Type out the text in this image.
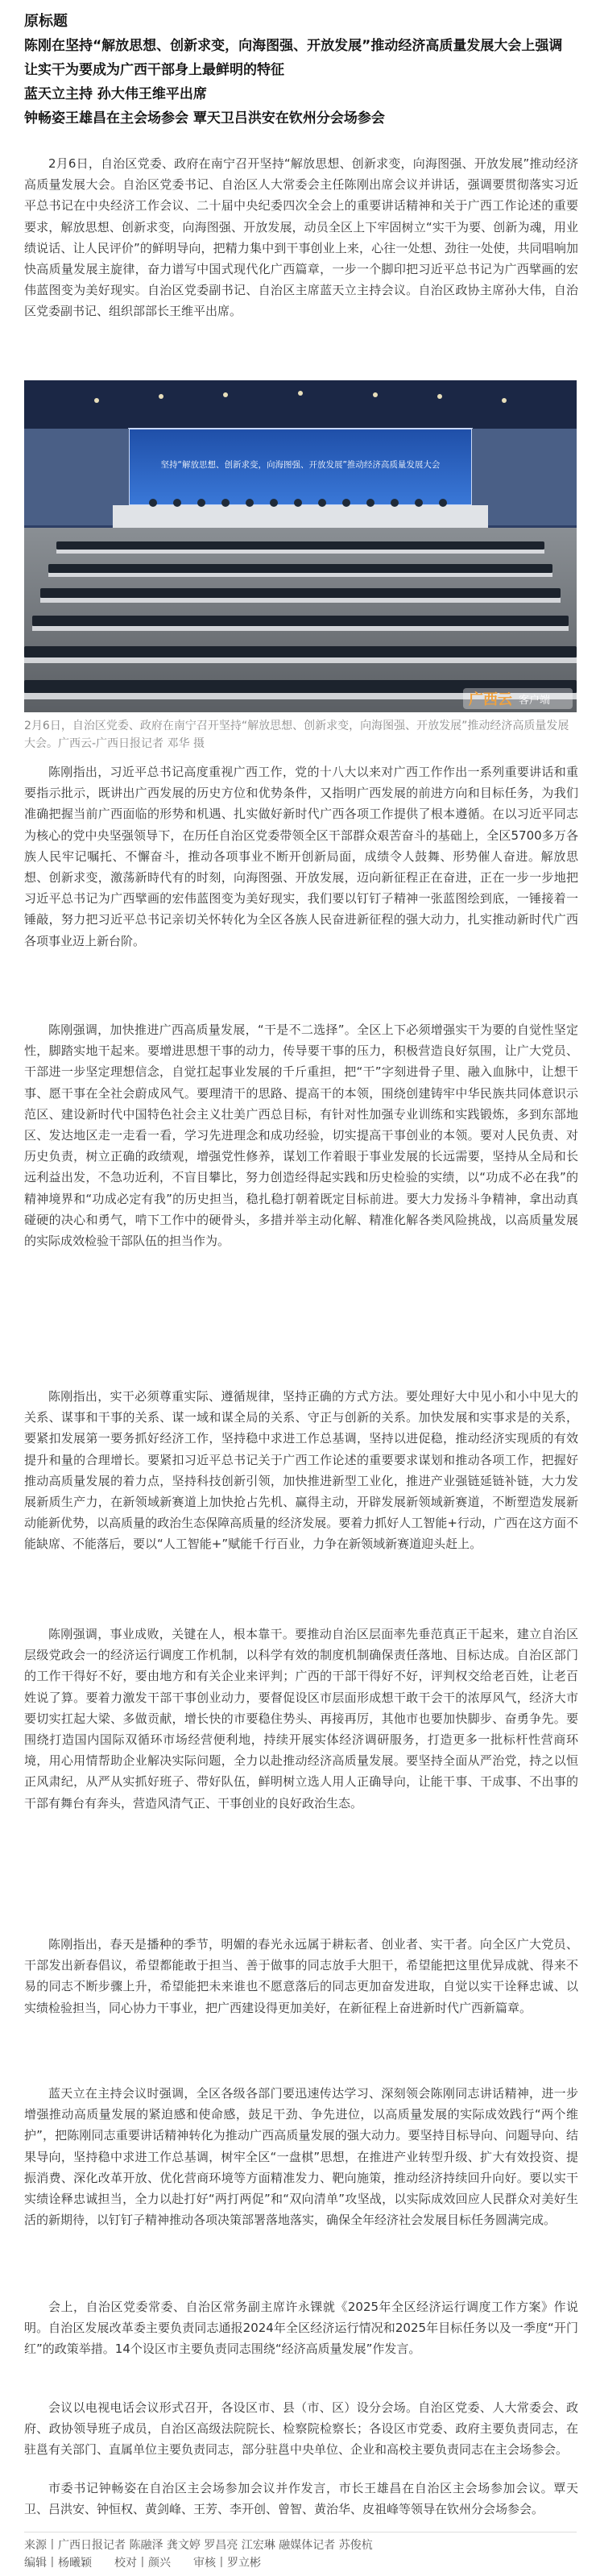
原标题

陈刚在坚持“解放思想、创新求变，向海图强、开放发展”推动经济高质量发展大会上强调

让实干为要成为广西干部身上最鲜明的特征

蓝天立主持 孙大伟王维平出席

钟畅姿王雄昌在主会场参会 覃天卫吕洪安在钦州分会场参会

2月6日，自治区党委、政府在南宁召开坚持“解放思想、创新求变，向海图强、开放发展”推动经济高质量发展大会。自治区党委书记、自治区人大常委会主任陈刚出席会议并讲话，强调要贯彻落实习近平总书记在中央经济工作会议、二十届中央纪委四次全会上的重要讲话精神和关于广西工作论述的重要要求，解放思想、创新求变，向海图强、开放发展，动员全区上下牢固树立“实干为要、创新为魂，用业绩说话、让人民评价”的鲜明导向，把精力集中到干事创业上来，心往一处想、劲往一处使，共同唱响加快高质量发展主旋律，奋力谱写中国式现代化广西篇章，一步一个脚印把习近平总书记为广西擘画的宏伟蓝图变为美好现实。自治区党委副书记、自治区主席蓝天立主持会议。自治区政协主席孙大伟，自治区党委副书记、组织部部长王维平出席。

坚持“解放思想、创新求变，向海图强、开放发展”推动经济高质量发展大会
广西云 客户端

2月6日，自治区党委、政府在南宁召开坚持“解放思想、创新求变，向海图强、开放发展”推动经济高质量发展大会。广西云-广西日报记者 邓华 摄

陈刚指出，习近平总书记高度重视广西工作，党的十八大以来对广西工作作出一系列重要讲话和重要指示批示，既讲出广西发展的历史方位和优势条件，又指明广西发展的前进方向和目标任务，为我们准确把握当前广西面临的形势和机遇、扎实做好新时代广西各项工作提供了根本遵循。在以习近平同志为核心的党中央坚强领导下，在历任自治区党委带领全区干部群众艰苦奋斗的基础上，全区5700多万各族人民牢记嘱托、不懈奋斗，推动各项事业不断开创新局面，成绩令人鼓舞、形势催人奋进。解放思想、创新求变，激荡新時代有的时刻，向海图强、开放发展，迈向新征程正在奋进，正在一步一步地把习近平总书记为广西擘画的宏伟蓝图变为美好现实，我们要以钉钉子精神一张蓝图绘到底，一锤接着一锤敲，努力把习近平总书记亲切关怀转化为全区各族人民奋进新征程的强大动力，扎实推动新时代广西各项事业迈上新台阶。

陈刚强调，加快推进广西高质量发展，“干是不二选择”。全区上下必须增强实干为要的自觉性坚定性，脚踏实地干起来。要增进思想干事的动力，传导要干事的压力，积极营造良好氛围，让广大党员、干部进一步坚定理想信念，自觉扛起事业发展的千斤重担，把“干”字刻进骨子里、融入血脉中，让想干事、愿干事在全社会蔚成风气。要理清干的思路、提高干的本领，围绕创建铸牢中华民族共同体意识示范区、建设新时代中国特色社会主义壮美广西总目标，有针对性加强专业训练和实践锻炼，多到东部地区、发达地区走一走看一看，学习先进理念和成功经验，切实提高干事创业的本领。要对人民负责、对历史负责，树立正确的政绩观，增强党性修养，谋划工作着眼于事业发展的长远需要，坚持从全局和长远利益出发，不急功近利，不盲目攀比，努力创造经得起实践和历史检验的实绩，以“功成不必在我”的精神境界和“功成必定有我”的历史担当，稳扎稳打朝着既定目标前进。要大力发扬斗争精神，拿出动真碰硬的决心和勇气，啃下工作中的硬骨头，多措并举主动化解、精准化解各类风险挑战，以高质量发展的实际成效检验干部队伍的担当作为。

陈刚指出，实干必须尊重实际、遵循规律，坚持正确的方式方法。要处理好大中见小和小中见大的关系、谋事和干事的关系、谋一域和谋全局的关系、守正与创新的关系。加快发展和实事求是的关系，要紧扣发展第一要务抓好经济工作，坚持稳中求进工作总基调，坚持以进促稳，推动经济实现质的有效提升和量的合理增长。要紧扣习近平总书记关于广西工作论述的重要要求谋划和推动各项工作，把握好推动高质量发展的着力点，坚持科技创新引领，加快推进新型工业化，推进产业强链延链补链，大力发展新质生产力，在新领域新赛道上加快抢占先机、赢得主动，开辟发展新领域新赛道，不断塑造发展新动能新优势，以高质量的政治生态保障高质量的经济发展。要着力抓好人工智能+行动，广西在这方面不能缺席、不能落后，要以“人工智能+”赋能千行百业，力争在新领域新赛道迎头赶上。

陈刚强调，事业成败，关键在人，根本靠干。要推动自治区层面率先垂范真正干起来，建立自治区层级党政会一的经济运行调度工作机制，以科学有效的制度机制确保责任落地、目标达成。自治区部门的工作干得好不好，要由地方和有关企业来评判；广西的干部干得好不好，评判权交给老百姓，让老百姓说了算。要着力激发干部干事创业动力，要督促设区市层面形成想干敢干会干的浓厚风气，经济大市要切实扛起大梁、多做贡献，增长快的市要稳住势头、再接再厉，其他市也要加快脚步、奋勇争先。要围绕打造国内国际双循环市场经营便利地，持续开展实体经济调研服务，打造更多一批标杆性营商环境，用心用情帮助企业解决实际问题，全力以赴推动经济高质量发展。要坚持全面从严治党，持之以恒正风肃纪，从严从实抓好班子、带好队伍，鲜明树立选人用人正确导向，让能干事、干成事、不出事的干部有舞台有奔头，营造风清气正、干事创业的良好政治生态。

陈刚指出，春天是播种的季节，明媚的春光永远属于耕耘者、创业者、实干者。向全区广大党员、干部发出新春倡议，希望都能敢于担当、善于做事的同志放手大胆干，希望能把这里优异成就、得来不易的同志不断步骤上升，希望能把未来谁也不愿意落后的同志更加奋发进取，自觉以实干诠释忠诚、以实绩检验担当，同心协力干事业，把广西建设得更加美好，在新征程上奋进新时代广西新篇章。

蓝天立在主持会议时强调，全区各级各部门要迅速传达学习、深刻领会陈刚同志讲话精神，进一步增强推动高质量发展的紧迫感和使命感，鼓足干劲、争先进位，以高质量发展的实际成效践行“两个维护”，把陈刚同志重要讲话精神转化为推动广西高质量发展的强大动力。要坚持目标导向、问题导向、结果导向，坚持稳中求进工作总基调，树牢全区“一盘棋”思想，在推进产业转型升级、扩大有效投资、提振消费、深化改革开放、优化营商环境等方面精准发力、靶向施策，推动经济持续回升向好。要以实干实绩诠释忠诚担当，全力以赴打好“两打两促”和“双向清单”攻坚战，以实际成效回应人民群众对美好生活的新期待，以钉钉子精神推动各项决策部署落地落实，确保全年经济社会发展目标任务圆满完成。

会上，自治区党委常委、自治区常务副主席许永锞就《2025年全区经济运行调度工作方案》作说明。自治区发展改革委主要负责同志通报2024年全区经济运行情况和2025年目标任务以及一季度“开门红”的政策举措。14个设区市主要负责同志围绕“经济高质量发展”作发言。

会议以电视电话会议形式召开，各设区市、县（市、区）设分会场。自治区党委、人大常委会、政府、政协领导班子成员，自治区高级法院院长、检察院检察长；各设区市党委、政府主要负责同志，在驻邕有关部门、直属单位主要负责同志，部分驻邕中央单位、企业和高校主要负责同志在主会场参会。

市委书记钟畅姿在自治区主会场参加会议并作发言，市长王雄昌在自治区主会场参加会议。覃天卫、吕洪安、钟恒权、黄剑峰、王芳、李开创、曾智、黄治华、皮祖峰等领导在钦州分会场参会。

来源丨广西日报记者 陈融泽 龚文婷 罗昌亮 江宏琳 融媒体记者 苏俊杭

编辑丨杨曦颖 校对丨颜兴 审核丨罗立彬
